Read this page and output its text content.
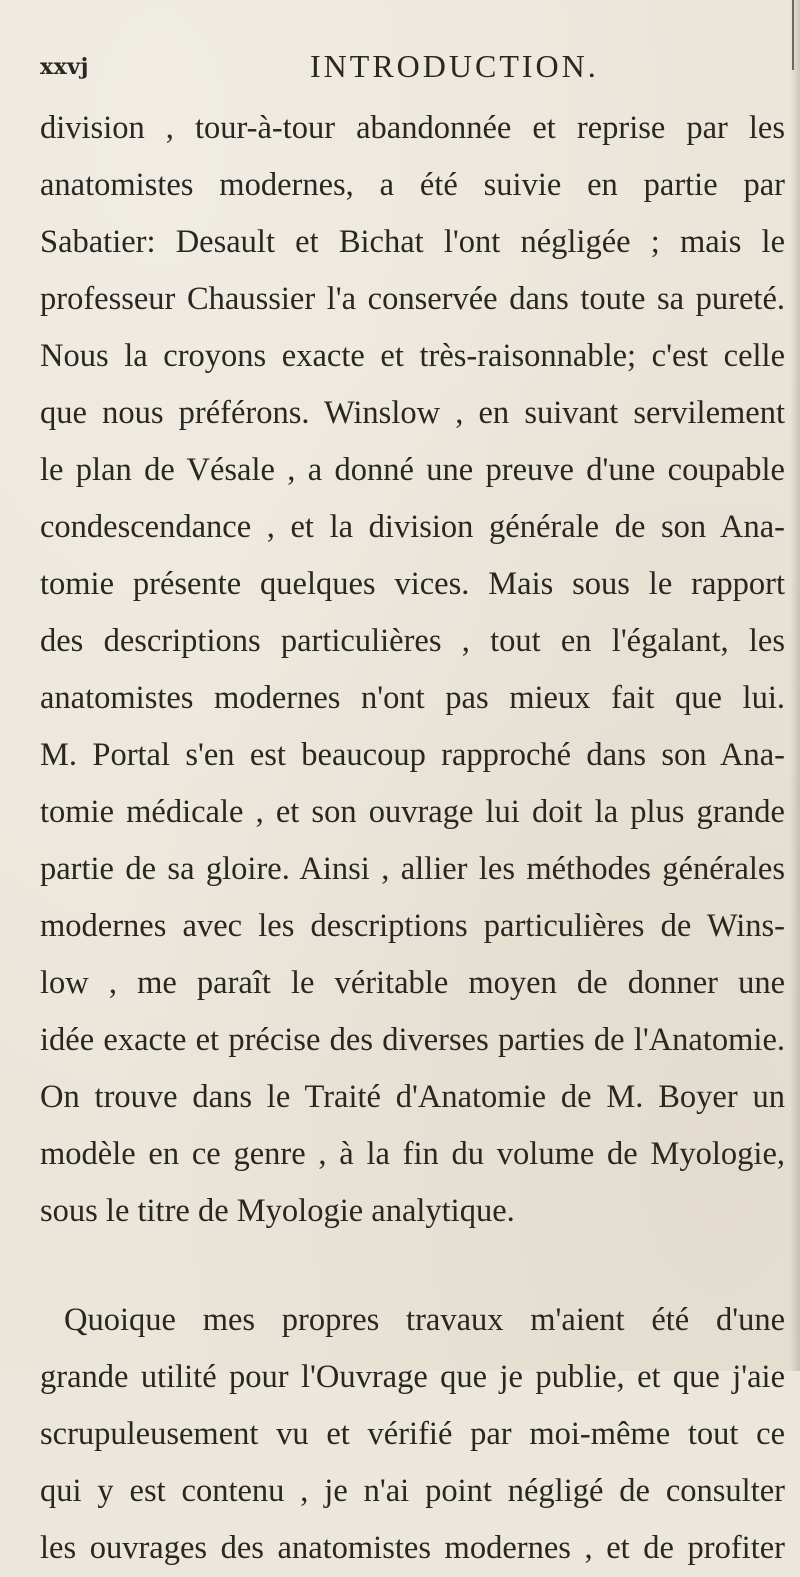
xxvj	INTRODUCTION.
division , tour-à-tour abandonnée et reprise par les
anatomistes modernes, a été suivie en partie par
Sabatier: Desault et Bichat l'ont négligée ; mais le
professeur Chaussier l'a conservée dans toute sa pureté.
Nous la croyons exacte et très-raisonnable; c'est celle
que nous préférons. Winslow , en suivant servilement
le plan de Vésale , a donné une preuve d'une coupable
condescendance , et la division générale de son Ana-
tomie présente quelques vices. Mais sous le rapport
des descriptions particulières , tout en l'égalant, les
anatomistes modernes n'ont pas mieux fait que lui.
M. Portal s'en est beaucoup rapproché dans son Ana-
tomie médicale , et son ouvrage lui doit la plus grande
partie de sa gloire. Ainsi , allier les méthodes générales
modernes avec les descriptions particulières de Wins-
low , me paraît le véritable moyen de donner une
idée exacte et précise des diverses parties de l'Anatomie.
On trouve dans le Traité d'Anatomie de M. Boyer un
modèle en ce genre , à la fin du volume de Myologie,
sous le titre de Myologie analytique.
Quoique mes propres travaux m'aient été d'une
grande utilité pour l'Ouvrage que je publie, et que j'aie
scrupuleusement vu et vérifié par moi-même tout ce
qui y est contenu , je n'ai point négligé de consulter
les ouvrages des anatomistes modernes , et de profiter
